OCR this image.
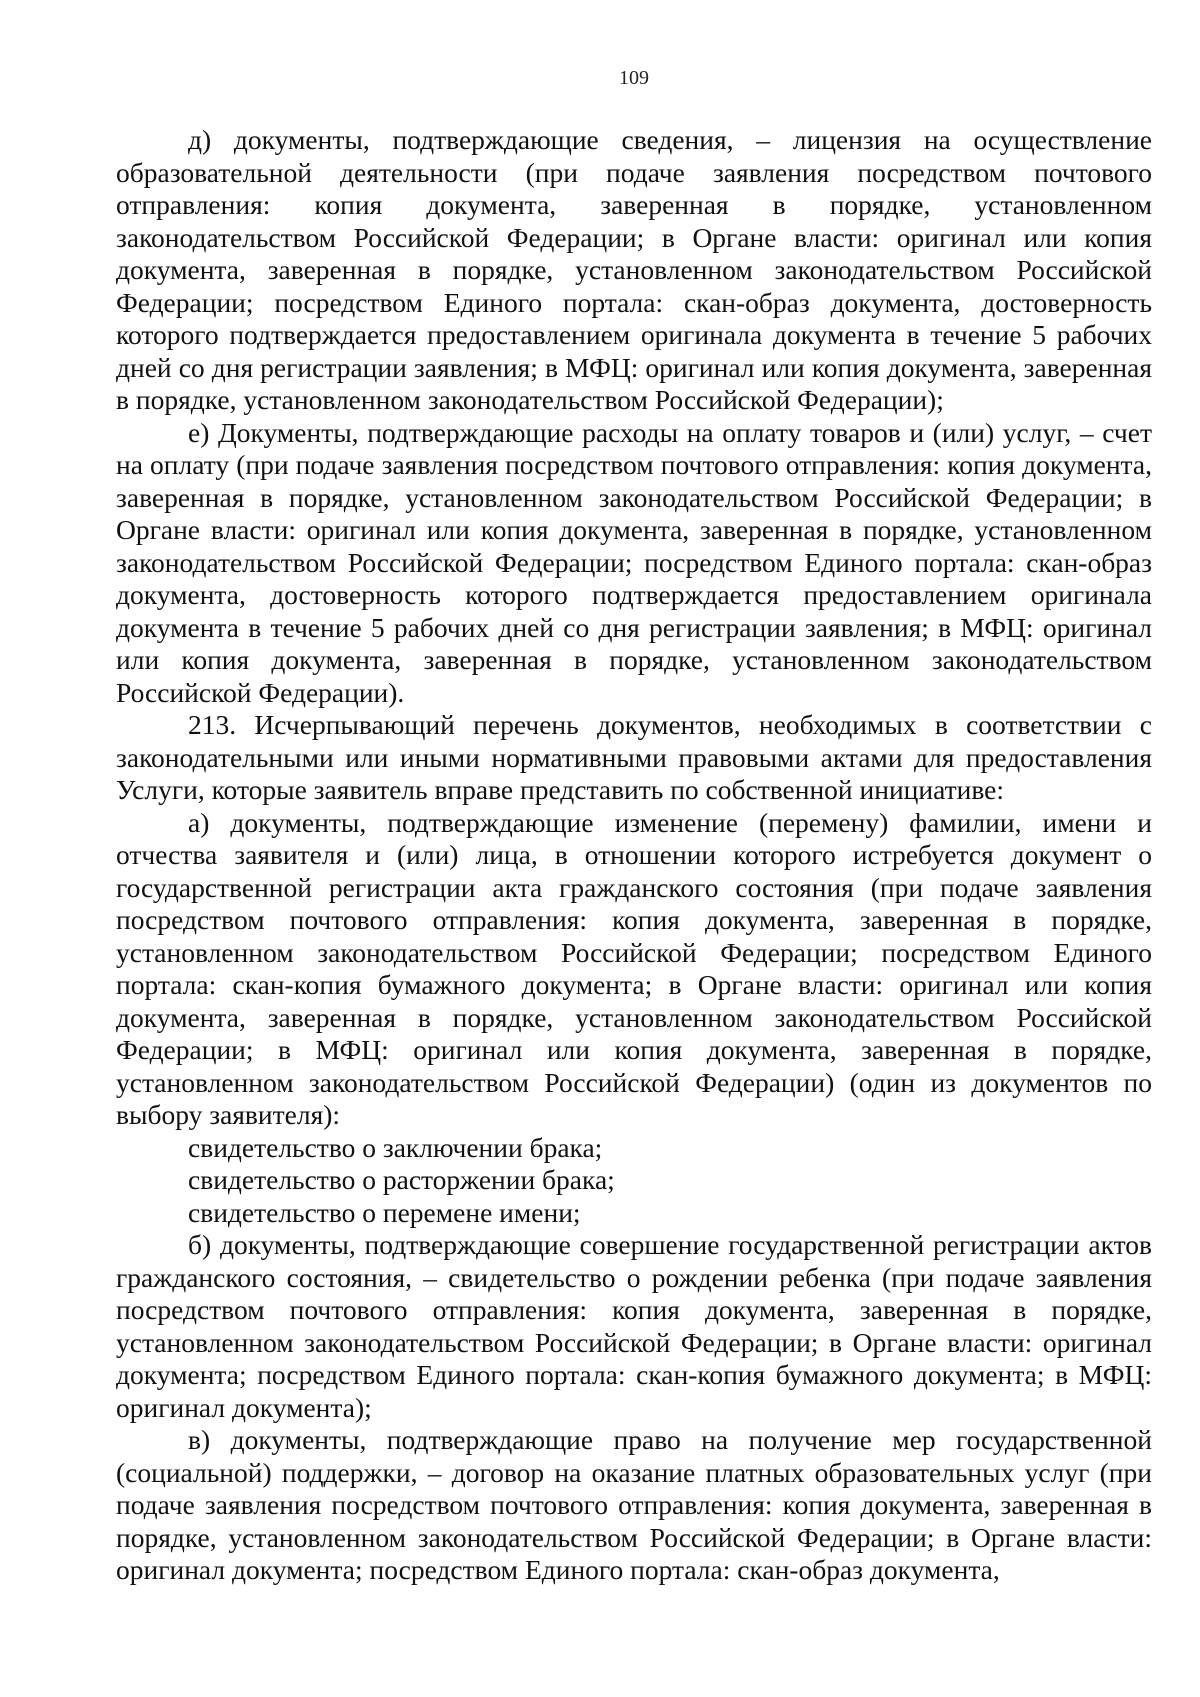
109

д) документы, подтверждающие сведения, – лицензия на осуществление образовательной деятельности (при подаче заявления посредством почтового отправления: копия документа, заверенная в порядке, установленном законодательством Российской Федерации; в Органе власти: оригинал или копия документа, заверенная в порядке, установленном законодательством Российской Федерации; посредством Единого портала: скан-образ документа, достоверность которого подтверждается предоставлением оригинала документа в течение 5 рабочих дней со дня регистрации заявления; в МФЦ: оригинал или копия документа, заверенная в порядке, установленном законодательством Российской Федерации);

е) Документы, подтверждающие расходы на оплату товаров и (или) услуг, – счет на оплату (при подаче заявления посредством почтового отправления: копия документа, заверенная в порядке, установленном законодательством Российской Федерации; в Органе власти: оригинал или копия документа, заверенная в порядке, установленном законодательством Российской Федерации; посредством Единого портала: скан-образ документа, достоверность которого подтверждается предоставлением оригинала документа в течение 5 рабочих дней со дня регистрации заявления; в МФЦ: оригинал или копия документа, заверенная в порядке, установленном законодательством Российской Федерации).

213. Исчерпывающий перечень документов, необходимых в соответствии с законодательными или иными нормативными правовыми актами для предоставления Услуги, которые заявитель вправе представить по собственной инициативе:

а) документы, подтверждающие изменение (перемену) фамилии, имени и отчества заявителя и (или) лица, в отношении которого истребуется документ о государственной регистрации акта гражданского состояния (при подаче заявления посредством почтового отправления: копия документа, заверенная в порядке, установленном законодательством Российской Федерации; посредством Единого портала: скан-копия бумажного документа; в Органе власти: оригинал или копия документа, заверенная в порядке, установленном законодательством Российской Федерации; в МФЦ: оригинал или копия документа, заверенная в порядке, установленном законодательством Российской Федерации) (один из документов по выбору заявителя):

свидетельство о заключении брака;

свидетельство о расторжении брака;

свидетельство о перемене имени;

б) документы, подтверждающие совершение государственной регистрации актов гражданского состояния, – свидетельство о рождении ребенка (при подаче заявления посредством почтового отправления: копия документа, заверенная в порядке, установленном законодательством Российской Федерации; в Органе власти: оригинал документа; посредством Единого портала: скан-копия бумажного документа; в МФЦ: оригинал документа);

в) документы, подтверждающие право на получение мер государственной (социальной) поддержки, – договор на оказание платных образовательных услуг (при подаче заявления посредством почтового отправления: копия документа, заверенная в порядке, установленном законодательством Российской Федерации; в Органе власти: оригинал документа; посредством Единого портала: скан-образ документа,
